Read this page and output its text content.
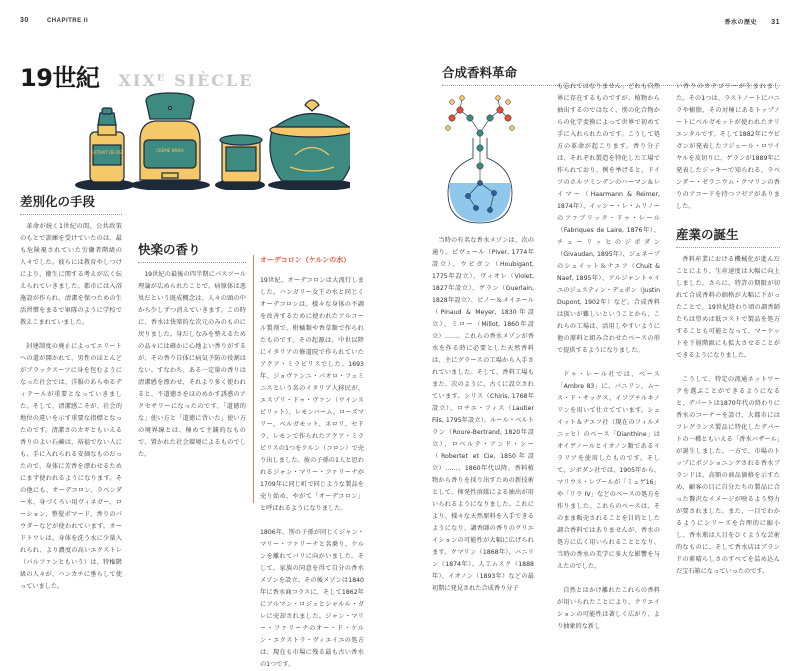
30	CHAPITRE II
19世紀 XIXᴱ SIÈCLE
EXTRAIT DE RIZ	CRÈME NIVEA
差別化の手段

革命が続く1世紀の間、公共政策のもとで訓練を受けていたのは、最も危険視されていた労働者階級の人々でした。彼らには教育やしつけにより、衛生に関する考えが広く伝えられていきました。都市には入浴施設が作られ、清潔を保つための生活習慣をまるで軍隊のように学校で教えこまれていました。

封建制度の廃止によってエリートへの道が開かれて、男性のほとんどがブラックスーツに身を包むようになった社会では、洋服のあらゆるディテールが重要となっていきました。そして、清潔感こそが、社会的地位の違いを示す重要な指標となったのです。清潔さのカギともいえる香りのよい石鹸は、裕福でない人にも、手に入れられる安価なものだったので、身体に芳香を漂わせるためにまず使われるようになります。その他にも、オーデコロン、ラベンダー水、身づくろい用ヴィネガー、ローション、整髪ポマード、香りのパウダーなどが使われています。オードトワレは、身体を洗う水に少量入れられ、より濃度の高いエクストレ（パルファンともいう）は、特権階級の人々が、ハンカチに垂らして使っていました。

快楽の香り

19世紀の最後の四半期にパスツール理論が広められたことで、病原体は悪臭だという既成概念は、人々の頭の中から少しずつ消えていきます。この時に、香水は快楽的な次元のみのものに戻りました。身だしなみを整えるための品々には確かに心地よい香りがするが、その香り自体に病気予防の役割はない。すなわち、ある一定量の香りは清潔感を漂わせ、それより多く使われると、不道徳さをほのめかす誘惑のアクセサリーになったのです。「道徳的な」使い方と「道徳に背いた」使い方の境界線とは、極めて主観的なもので、置かれた社会環境によるものでした。

オーデコロン（ケルンの水）

19世紀、オーデコロンは大流行しました。ハンガリー女王の水と同じくオーデコロンは、様々な身体の不調を改善するために使われたアルコール製剤で、柑橘類や香草類で作られたものです。その起源は、中世以降にイタリアの修道院で作られていたアクア・ミラビリスでした。1693年、ジョヴァンニ・パオロ・フェミニスという名のイタリア人移民が、エスプリ・ドゥ・ヴァン（ワインスピリット）、レモンバーム、ローズマリー、ベルガモット、ネロリ、セドラ、レモンで作られたアクア・ミラビリスの1つをケルン（コロン）で売り出しました。彼の子孫の1人と思われるジャン・マリー・ファリーナが1709年に同じ町で同じような製品を売り始め、やがて「オーデコロン」と呼ばれるようになりました。

1806年、別の子孫が同じくジャン・マリー・ファリーナと名乗り、ケルンを離れてパリに向かいました。そして、家族の同意を得て自分の香水メゾンを設立。その後メゾンは1840年に香水商コラスに、そして1862年にアルマン・ロジェとシャルル・ガレに売却されました。ジャン・マリー・ファリーナのオー・ド・ケルン・エクストラ・ヴィエイユの処方は、現在も市場に残る最も古い香水の1つです。

香水の歴史 31
合成香料革命

当時の有名な香水メゾンは、次の通り。ピヴェール（Piver, 1774年設立）、ウビガン（Houbigant, 1775年設立）、ヴィオレ（Violet, 1827年設立）、ゲラン（Guerlain, 1828年設立）、ピノー＆メイエール（Pinaud & Meyer, 1830年設立）、ミロー（Millot, 1860年設立）……。これらの香水メゾンが香水を作る時に必要とした天然香料は、主にグラースの工場から入手されていました。そして、香料工場もまた、次のように、古くに設立されています。シリス（Chiris, 1768年設立）、ロチエ・フィス（Lautier Fils, 1795年設立）、ルール・ベルトラン（Roure-Bertrand, 1820年設立）、ロベルテ・アンド・シー（Robertet et Cie, 1850年設立）……。1860年代以降、香料植物から香りを採り出すための新技術として、揮発性溶媒による抽出が用いられるようになりました。これにより、様々な天然原料を入手できるようになり、調香師の香りのクリエイションの可能性が大幅に広げられます。クマリン（1868年）、バニリン（1874年）、人工ムスク（1888年）、イオノン（1893年）などの最初期に発見された合成香り分子

も忘れてはなりません。どれも自然界に存在するものですが、植物から抽出するのではなく、別の化合物からの化学変換によって世界で初めて手に入れられたのです。こうして処方の革命が起こります。香り分子は、それぞれ製造を特化した工場で作られており、例を挙げると、ドイツのホルツミンデンのハーマン＆レイマー（Haarmann & Reimer, 1874年）、イッシー・レ・ムリノーのファブリック・ドゥ・レール（Fabriques de Laire, 1876年）、チューリッヒのジボダン（Givaudan, 1895年）、ジュネーブのシュイット＆ナエフ（Chuit & Naef, 1895年）、アルジャントゥイユのジュスティン・デュポン（Justin Dupont, 1902年）など。合成香料は扱いが難しいということから、これらの工場は、活用しやすいように他の原料と組み合わせたベースの形で提供するようになりました。

ドゥ・レール社では、ベース「Ambre 83」に、バニリン、ムース・ド・サックス、イソブチルキノリンを用いて仕立てています。シュイット＆ナエフ社（現在のフィルメニッヒ）のベース「Dianthine」はオイゲノールとイオノン類であるイラリアを使用したものです。そして、ジボダン社では、1905年から、マリウス・レブールが「ミュゲ16」や「リラ IV」などのベースの処方を作りました。これらのベースは、そのまま販売されることを目的とした調合香料ではありませんが、香水の処方に広く用いられることとなり、当時の香水の美学に多大な影響を与えたのでした。

自然とはかけ離れたこれらの香料が用いられたことにより、クリエイションの可能性は著しく広がり、より抽象的な新し

い香りのカテゴリーが生まれました。その1つは、ラストノートにバニラや樹脂、その対極にあるトップノートにベルガモットが使われたオリエンタルです。そして1882年にウビガンが発表したフジェール・ロワイヤルを皮切りに、ゲランが1889年に発表したジッキーで知られる、ラベンダー・ゼラニウム・クマリンの香りのアコードを持つフゼアがありました。

産業の誕生

香料産業における機械化が進んだことにより、生産速度は大幅に向上しました。さらに、特許の期限が切れて合成香料の価格が大幅に下がったことで、19世紀終わり頃の調香師たちは望めば低コストで製品を処方することも可能となって、マーケットを下層階級にも拡大させることができるようになりました。

こうして、特定の流通ネットワークを選ぶことができるようになると、デパートは1870年代の終わりに香水のコーナーを設け、大都市にはフレグランス製品に特化したデパートの一種ともいえる「香水バザール」が誕生しました。一方で、市場のトップにポジショニングされる香水ブランドは、高額の商品価格を示すため、顧客の目に自分たちの製品に合った贅沢なイメージが映るよう努力が要されました。また、一目でわかるようにシリーズを合理的に縮小し、香水瓶は人目をひくような芸術的なものに、そして香水店はブランドの素晴らしさのすべてを詰め込んだ宝石箱になっていったのです。
